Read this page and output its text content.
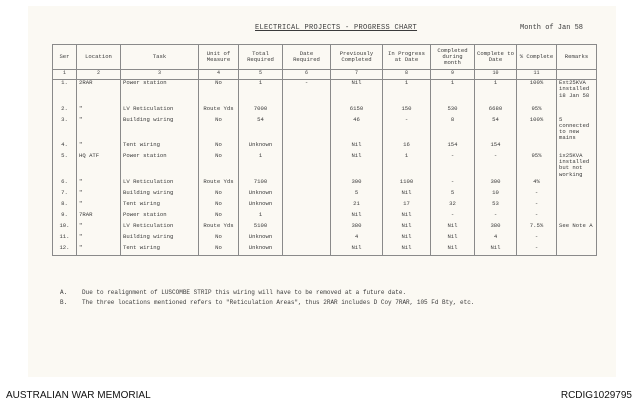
ELECTRICAL PROJECTS - PROGRESS CHART	Month of Jan 58
Ser	Location	Task	Unit of Measure	Total Required	Date Required	Previously Completed	In Progress at Date	Completed during month	Complete to Date	% Complete	Remarks
1	2	3	4	5	6	7	8	9	10	11	
1.	2RAR	Power station	No	1	-	Nil	1	1	1	100%	Ext25KVA installed 18 Jan 58
2.	"	LV Reticulation	Route Yds	7000		6150	150	530	6680	95%	
3.	"	Building wiring	No	54		46	-	8	54	100%	5 connected to new mains
4.	"	Tent wiring	No	Unknown		Nil	16	154	154		
5.	HQ ATF	Power station	No	1		Nil	1	-	-	95%	1x25KVA installed but not working
6.	"	LV Reticulation	Route Yds	7100		300	1100	-	300	4%	
7.	"	Building wiring	No	Unknown		5	Nil	5	10	-	
8.	"	Tent wiring	No	Unknown		21	17	32	53	-	
9.	7RAR	Power station	No	1		Nil	Nil	-	-	-	
10.	"	LV Reticulation	Route Yds	5100		380	Nil	Nil	380	7.5%	See Note A
11.	"	Building wiring	No	Unknown		4	Nil	Nil	4	-	
12.	"	Tent wiring	No	Unknown		Nil	Nil	Nil	Nil	-	
A. Due to realignment of LUSCOMBE STRIP this wiring will have to be removed at a future date.
B. The three locations mentioned refers to "Reticulation Areas", thus 2RAR includes D Coy 7RAR, 105 Fd Bty, etc.
AUSTRALIAN WAR MEMORIAL	RCDIG1029795
